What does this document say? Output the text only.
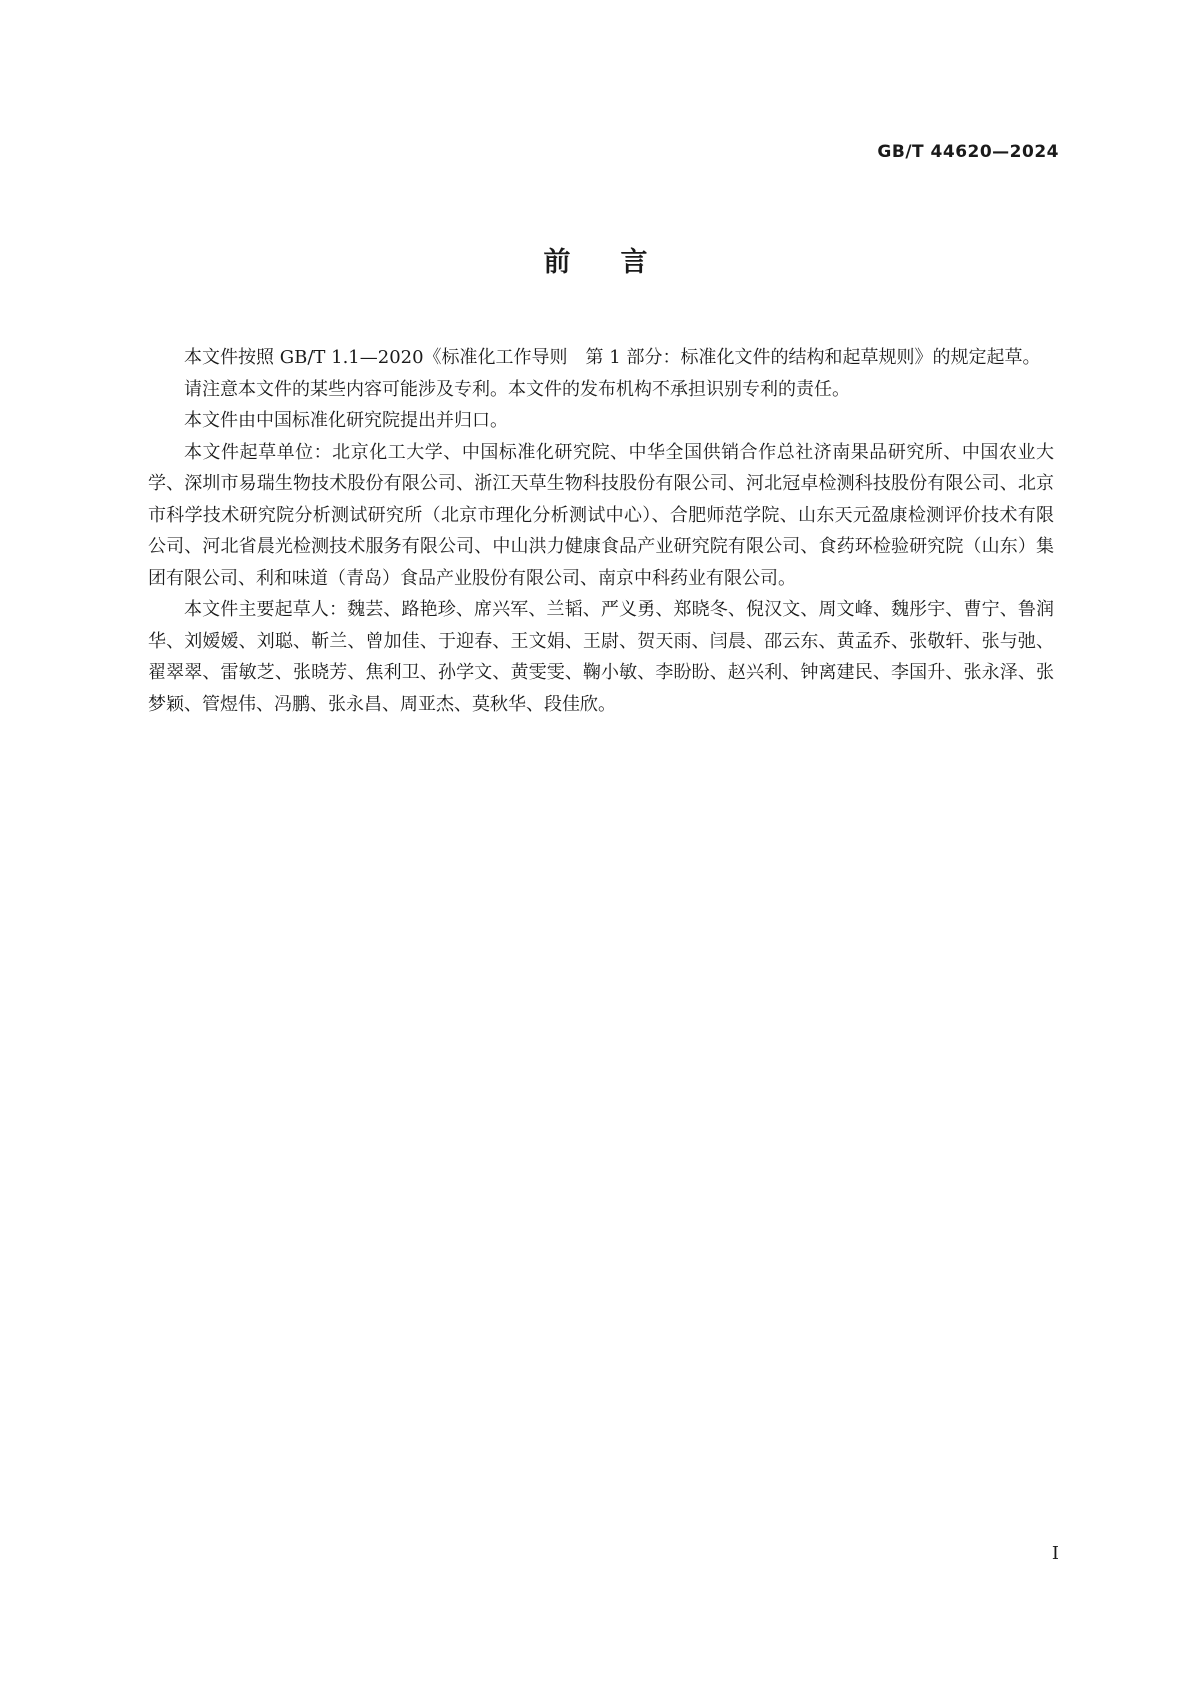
GB/T 44620—2024
前言

本文件按照 GB/T 1.1—2020《标准化工作导则　第 1 部分：标准化文件的结构和起草规则》的规定起草。

请注意本文件的某些内容可能涉及专利。本文件的发布机构不承担识别专利的责任。

本文件由中国标准化研究院提出并归口。

本文件起草单位：北京化工大学、中国标准化研究院、中华全国供销合作总社济南果品研究所、中国农业大学、深圳市易瑞生物技术股份有限公司、浙江天草生物科技股份有限公司、河北冠卓检测科技股份有限公司、北京市科学技术研究院分析测试研究所（北京市理化分析测试中心）、合肥师范学院、山东天元盈康检测评价技术有限公司、河北省晨光检测技术服务有限公司、中山洪力健康食品产业研究院有限公司、食药环检验研究院（山东）集团有限公司、利和味道（青岛）食品产业股份有限公司、南京中科药业有限公司。

本文件主要起草人：魏芸、路艳珍、席兴军、兰韬、严义勇、郑晓冬、倪汉文、周文峰、魏彤宇、曹宁、鲁润华、刘嫒嫒、刘聪、靳兰、曾加佳、于迎春、王文娟、王尉、贺天雨、闫晨、邵云东、黄孟乔、张敬轩、张与弛、翟翠翠、雷敏芝、张晓芳、焦利卫、孙学文、黄雯雯、鞠小敏、李盼盼、赵兴利、钟离建民、李国升、张永泽、张梦颖、管煜伟、冯鹏、张永昌、周亚杰、莫秋华、段佳欣。

Ⅰ
